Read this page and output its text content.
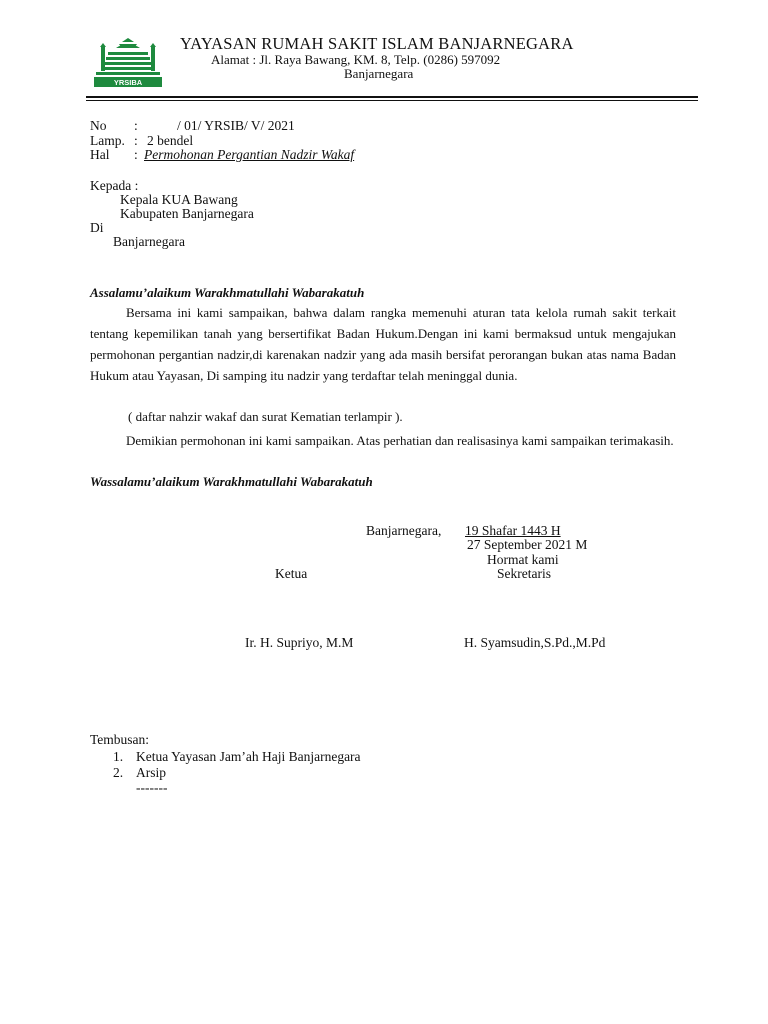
YRSIBA
YAYASAN RUMAH SAKIT ISLAM BANJARNEGARA
Alamat : Jl. Raya Bawang, KM. 8, Telp. (0286) 597092
Banjarnegara
No :	/ 01/ YRSIB/ V/ 2021
Lamp. : 2 bendel
Hal : Permohonan Pergantian Nadzir Wakaf
Kepada :
Kepala KUA Bawang
Kabupaten Banjarnegara
Di
Banjarnegara
Assalamu’alaikum Warakhmatullahi Wabarakatuh
Bersama ini kami sampaikan, bahwa dalam rangka memenuhi aturan tata kelola rumah sakit terkait tentang kepemilikan tanah yang bersertifikat Badan Hukum.Dengan ini kami bermaksud untuk mengajukan permohonan pergantian nadzir,di karenakan nadzir yang ada masih bersifat perorangan bukan atas nama Badan Hukum atau Yayasan, Di samping itu nadzir yang terdaftar telah meninggal dunia.
( daftar nahzir wakaf dan surat Kematian terlampir ).
Demikian permohonan ini kami sampaikan. Atas perhatian dan realisasinya kami sampaikan terimakasih.
Wassalamu’alaikum Warakhmatullahi Wabarakatuh
Banjarnegara, 19 Shafar 1443 H
27 September 2021 M
Hormat kami
Ketua	Sekretaris
Ir. H. Supriyo, M.M	H. Syamsudin,S.Pd.,M.Pd
Tembusan:
1. Ketua Yayasan Jam’ah Haji Banjarnegara
2. Arsip
-------
